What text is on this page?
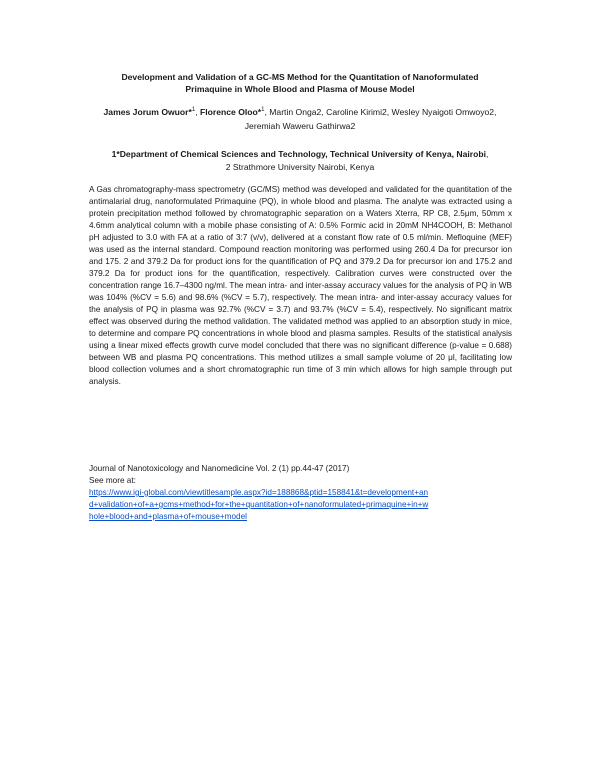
Development and Validation of a GC-MS Method for the Quantitation of Nanoformulated
Primaquine in Whole Blood and Plasma of Mouse Model

James Jorum Owuor*$^1$, Florence Oloo*$^1$, Martin Onga2, Caroline Kirimi2, Wesley Nyaigoti Omwoyo2, Jeremiah Waweru Gathirwa2

1*Department of Chemical Sciences and Technology, Technical University of Kenya, Nairobi,
2 Strathmore University Nairobi, Kenya

A Gas chromatography-mass spectrometry (GC/MS) method was developed and validated for the quantitation of the antimalarial drug, nanoformulated Primaquine (PQ), in whole blood and plasma. The analyte was extracted using a protein precipitation method followed by chromatographic separation on a Waters Xterra, RP C8, 2.5μm, 50mm x 4.6mm analytical column with a mobile phase consisting of A: 0.5% Formic acid in 20mM NH4COOH, B: Methanol pH adjusted to 3.0 with FA at a ratio of 3:7 (v/v), delivered at a constant flow rate of 0.5 ml/min. Mefloquine (MEF) was used as the internal standard. Compound reaction monitoring was performed using 260.4 Da for precursor ion and 175. 2 and 379.2 Da for product ions for the quantification of PQ and 379.2 Da for precursor ion and 175.2 and 379.2 Da for product ions for the quantification, respectively. Calibration curves were constructed over the concentration range 16.7–4300 ng/ml. The mean intra- and inter-assay accuracy values for the analysis of PQ in WB was 104% (%CV = 5.6) and 98.6% (%CV = 5.7), respectively. The mean intra- and inter-assay accuracy values for the analysis of PQ in plasma was 92.7% (%CV = 3.7) and 93.7% (%CV = 5.4), respectively. No significant matrix effect was observed during the method validation. The validated method was applied to an absorption study in mice, to determine and compare PQ concentrations in whole blood and plasma samples. Results of the statistical analysis using a linear mixed effects growth curve model concluded that there was no significant difference (p-value = 0.688) between WB and plasma PQ concentrations. This method utilizes a small sample volume of 20 μl, facilitating low blood collection volumes and a short chromatographic run time of 3 min which allows for high sample through put analysis.

Journal of Nanotoxicology and Nanomedicine Vol. 2 (1) pp.44-47 (2017)
See more at:
https://www.igi-global.com/viewtitlesample.aspx?id=188868&ptid=158841&t=development+an
d+validation+of+a+gcms+method+for+the+quantitation+of+nanoformulated+primaquine+in+w
hole+blood+and+plasma+of+mouse+model
